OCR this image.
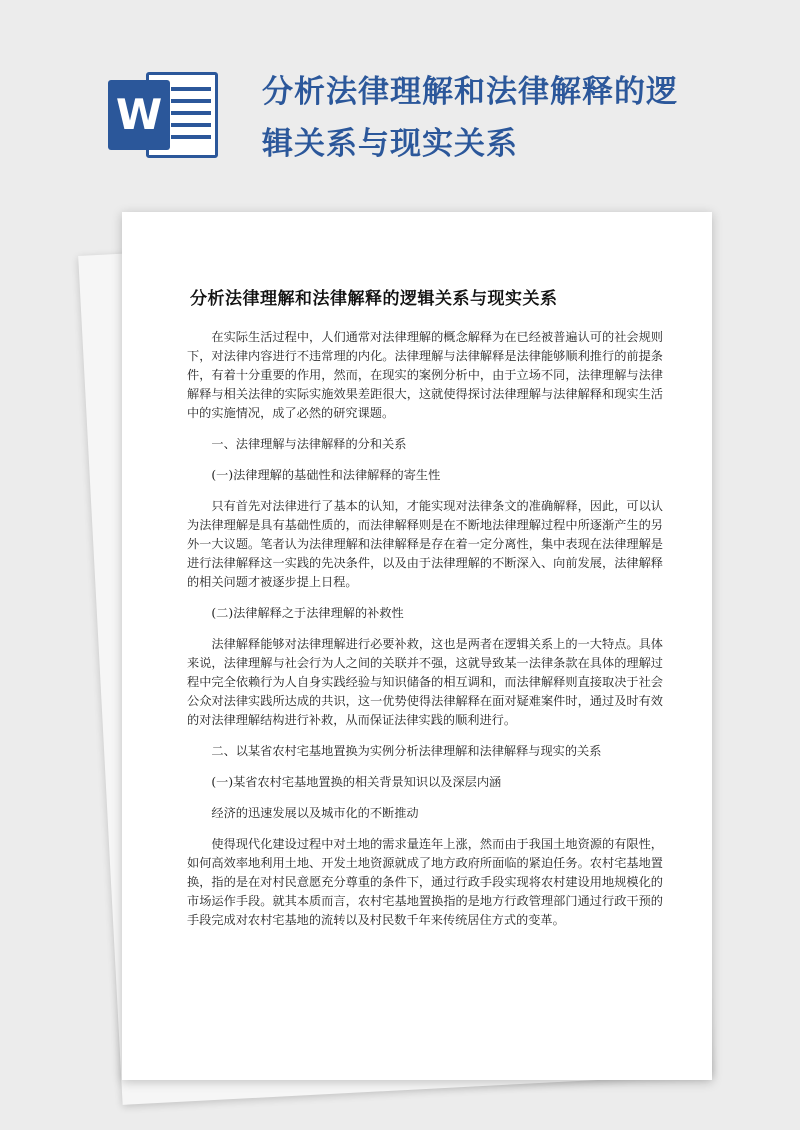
W	分析法律理解和法律解释的逻辑关系与现实关系
分析法律理解和法律解释的逻辑关系与现实关系

在实际生活过程中，人们通常对法律理解的概念解释为在已经被普遍认可的社会规则下，对法律内容进行不违常理的内化。法律理解与法律解释是法律能够顺利推行的前提条件，有着十分重要的作用，然而，在现实的案例分析中，由于立场不同，法律理解与法律解释与相关法律的实际实施效果差距很大，这就使得探讨法律理解与法律解释和现实生活中的实施情况，成了必然的研究课题。

一、法律理解与法律解释的分和关系

(一)法律理解的基础性和法律解释的寄生性

只有首先对法律进行了基本的认知，才能实现对法律条文的准确解释，因此，可以认为法律理解是具有基础性质的，而法律解释则是在不断地法律理解过程中所逐渐产生的另外一大议题。笔者认为法律理解和法律解释是存在着一定分离性，集中表现在法律理解是进行法律解释这一实践的先决条件，以及由于法律理解的不断深入、向前发展，法律解释的相关问题才被逐步提上日程。

(二)法律解释之于法律理解的补救性

法律解释能够对法律理解进行必要补救，这也是两者在逻辑关系上的一大特点。具体来说，法律理解与社会行为人之间的关联并不强，这就导致某一法律条款在具体的理解过程中完全依赖行为人自身实践经验与知识储备的相互调和，而法律解释则直接取决于社会公众对法律实践所达成的共识，这一优势使得法律解释在面对疑难案件时，通过及时有效的对法律理解结构进行补救，从而保证法律实践的顺利进行。

二、以某省农村宅基地置换为实例分析法律理解和法律解释与现实的关系

(一)某省农村宅基地置换的相关背景知识以及深层内涵

经济的迅速发展以及城市化的不断推动

使得现代化建设过程中对土地的需求量连年上涨，然而由于我国土地资源的有限性，如何高效率地利用土地、开发土地资源就成了地方政府所面临的紧迫任务。农村宅基地置换，指的是在对村民意愿充分尊重的条件下，通过行政手段实现将农村建设用地规模化的市场运作手段。就其本质而言，农村宅基地置换指的是地方行政管理部门通过行政干预的手段完成对农村宅基地的流转以及村民数千年来传统居住方式的变革。
